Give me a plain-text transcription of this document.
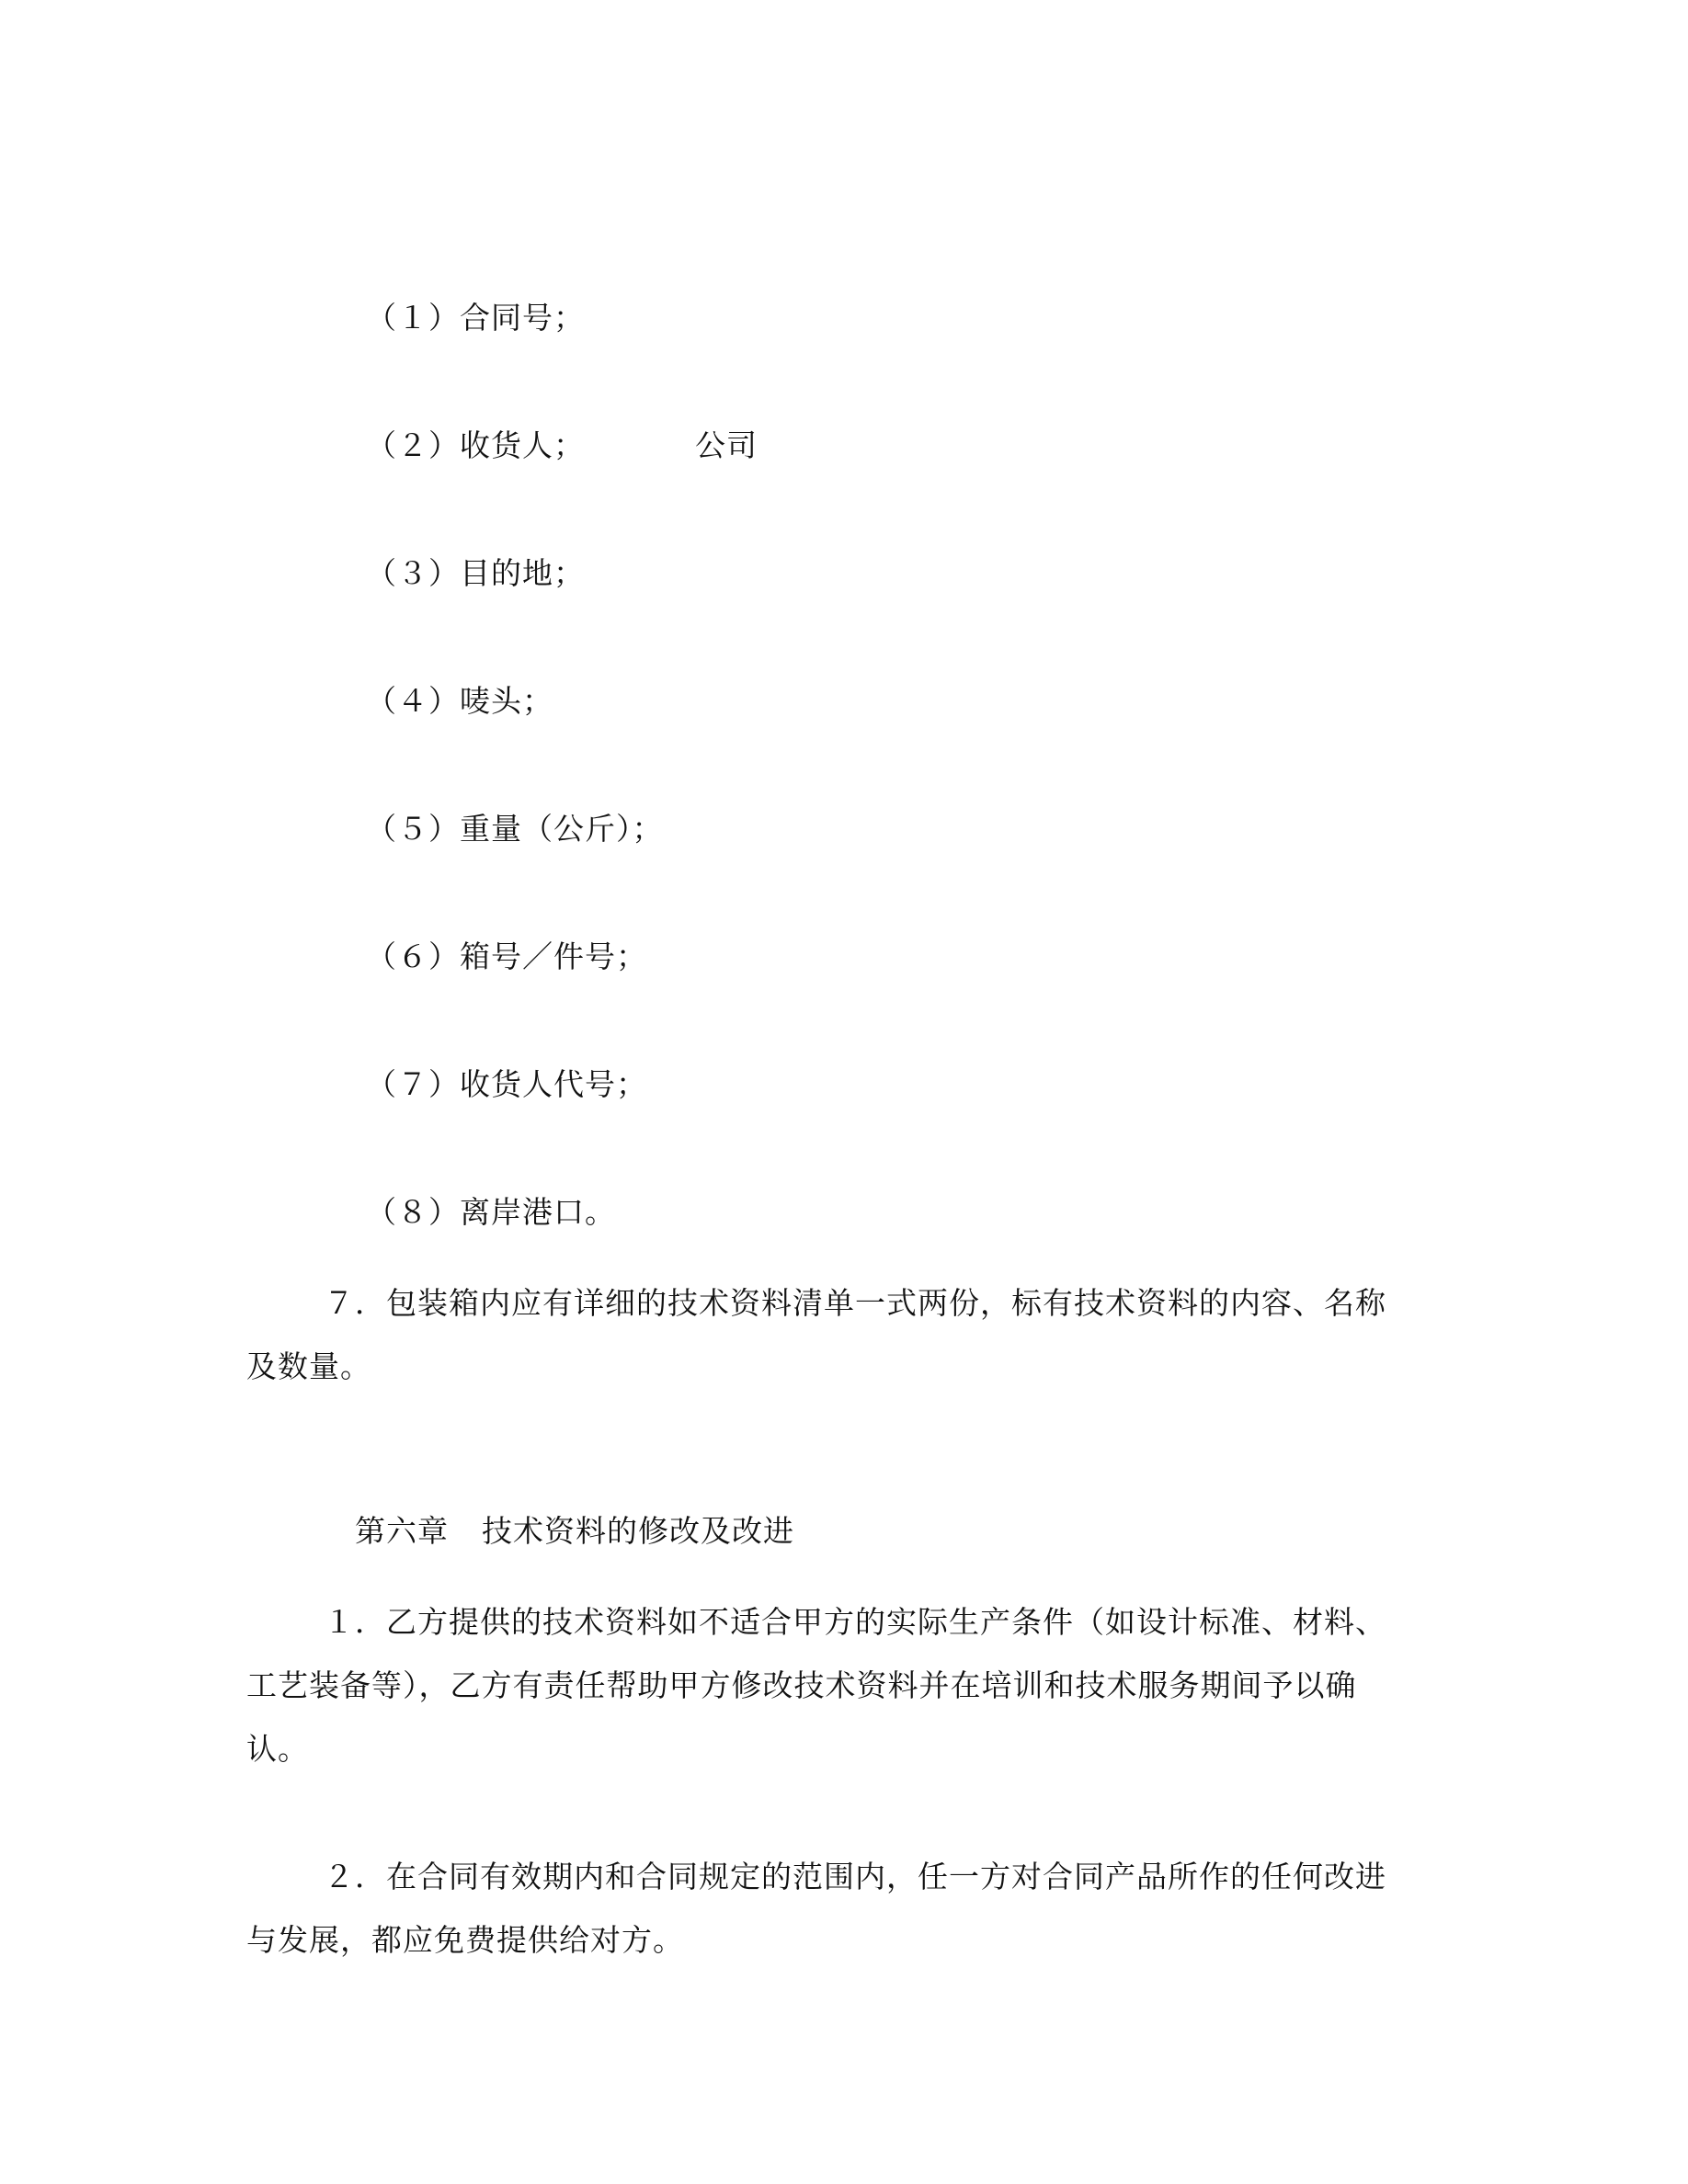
（１）合同号；

（２）收货人；	公司

（３）目的地；

（４）唛头；

（５）重量（公斤）；

（６）箱号／件号；

（７）收货人代号；

（８）离岸港口。

７．包装箱内应有详细的技术资料清单一式两份，标有技术资料的内容、名称
及数量。

第六章 技术资料的修改及改进

１．乙方提供的技术资料如不适合甲方的实际生产条件（如设计标准、材料、
工艺装备等），乙方有责任帮助甲方修改技术资料并在培训和技术服务期间予以确
认。
２．在合同有效期内和合同规定的范围内，任一方对合同产品所作的任何改进
与发展，都应免费提供给对方。
